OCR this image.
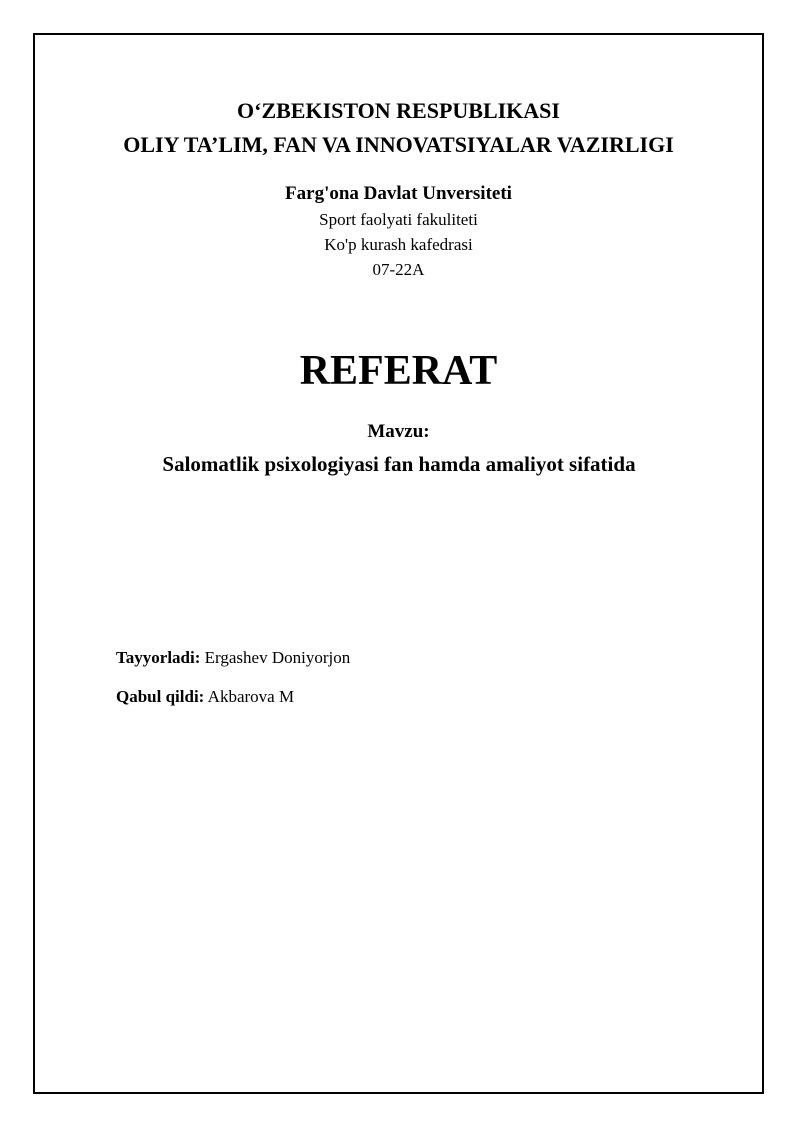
O‘ZBEKISTON RESPUBLIKASI
OLIY TA’LIM, FAN VA INNOVATSIYALAR VAZIRLIGI
Farg'ona Davlat Unversiteti
Sport faolyati fakuliteti
Ko'p kurash kafedrasi
07-22A
REFERAT
Mavzu:
Salomatlik psixologiyasi fan hamda amaliyot sifatida
Tayyorladi: Ergashev Doniyorjon
Qabul qildi: Akbarova M
